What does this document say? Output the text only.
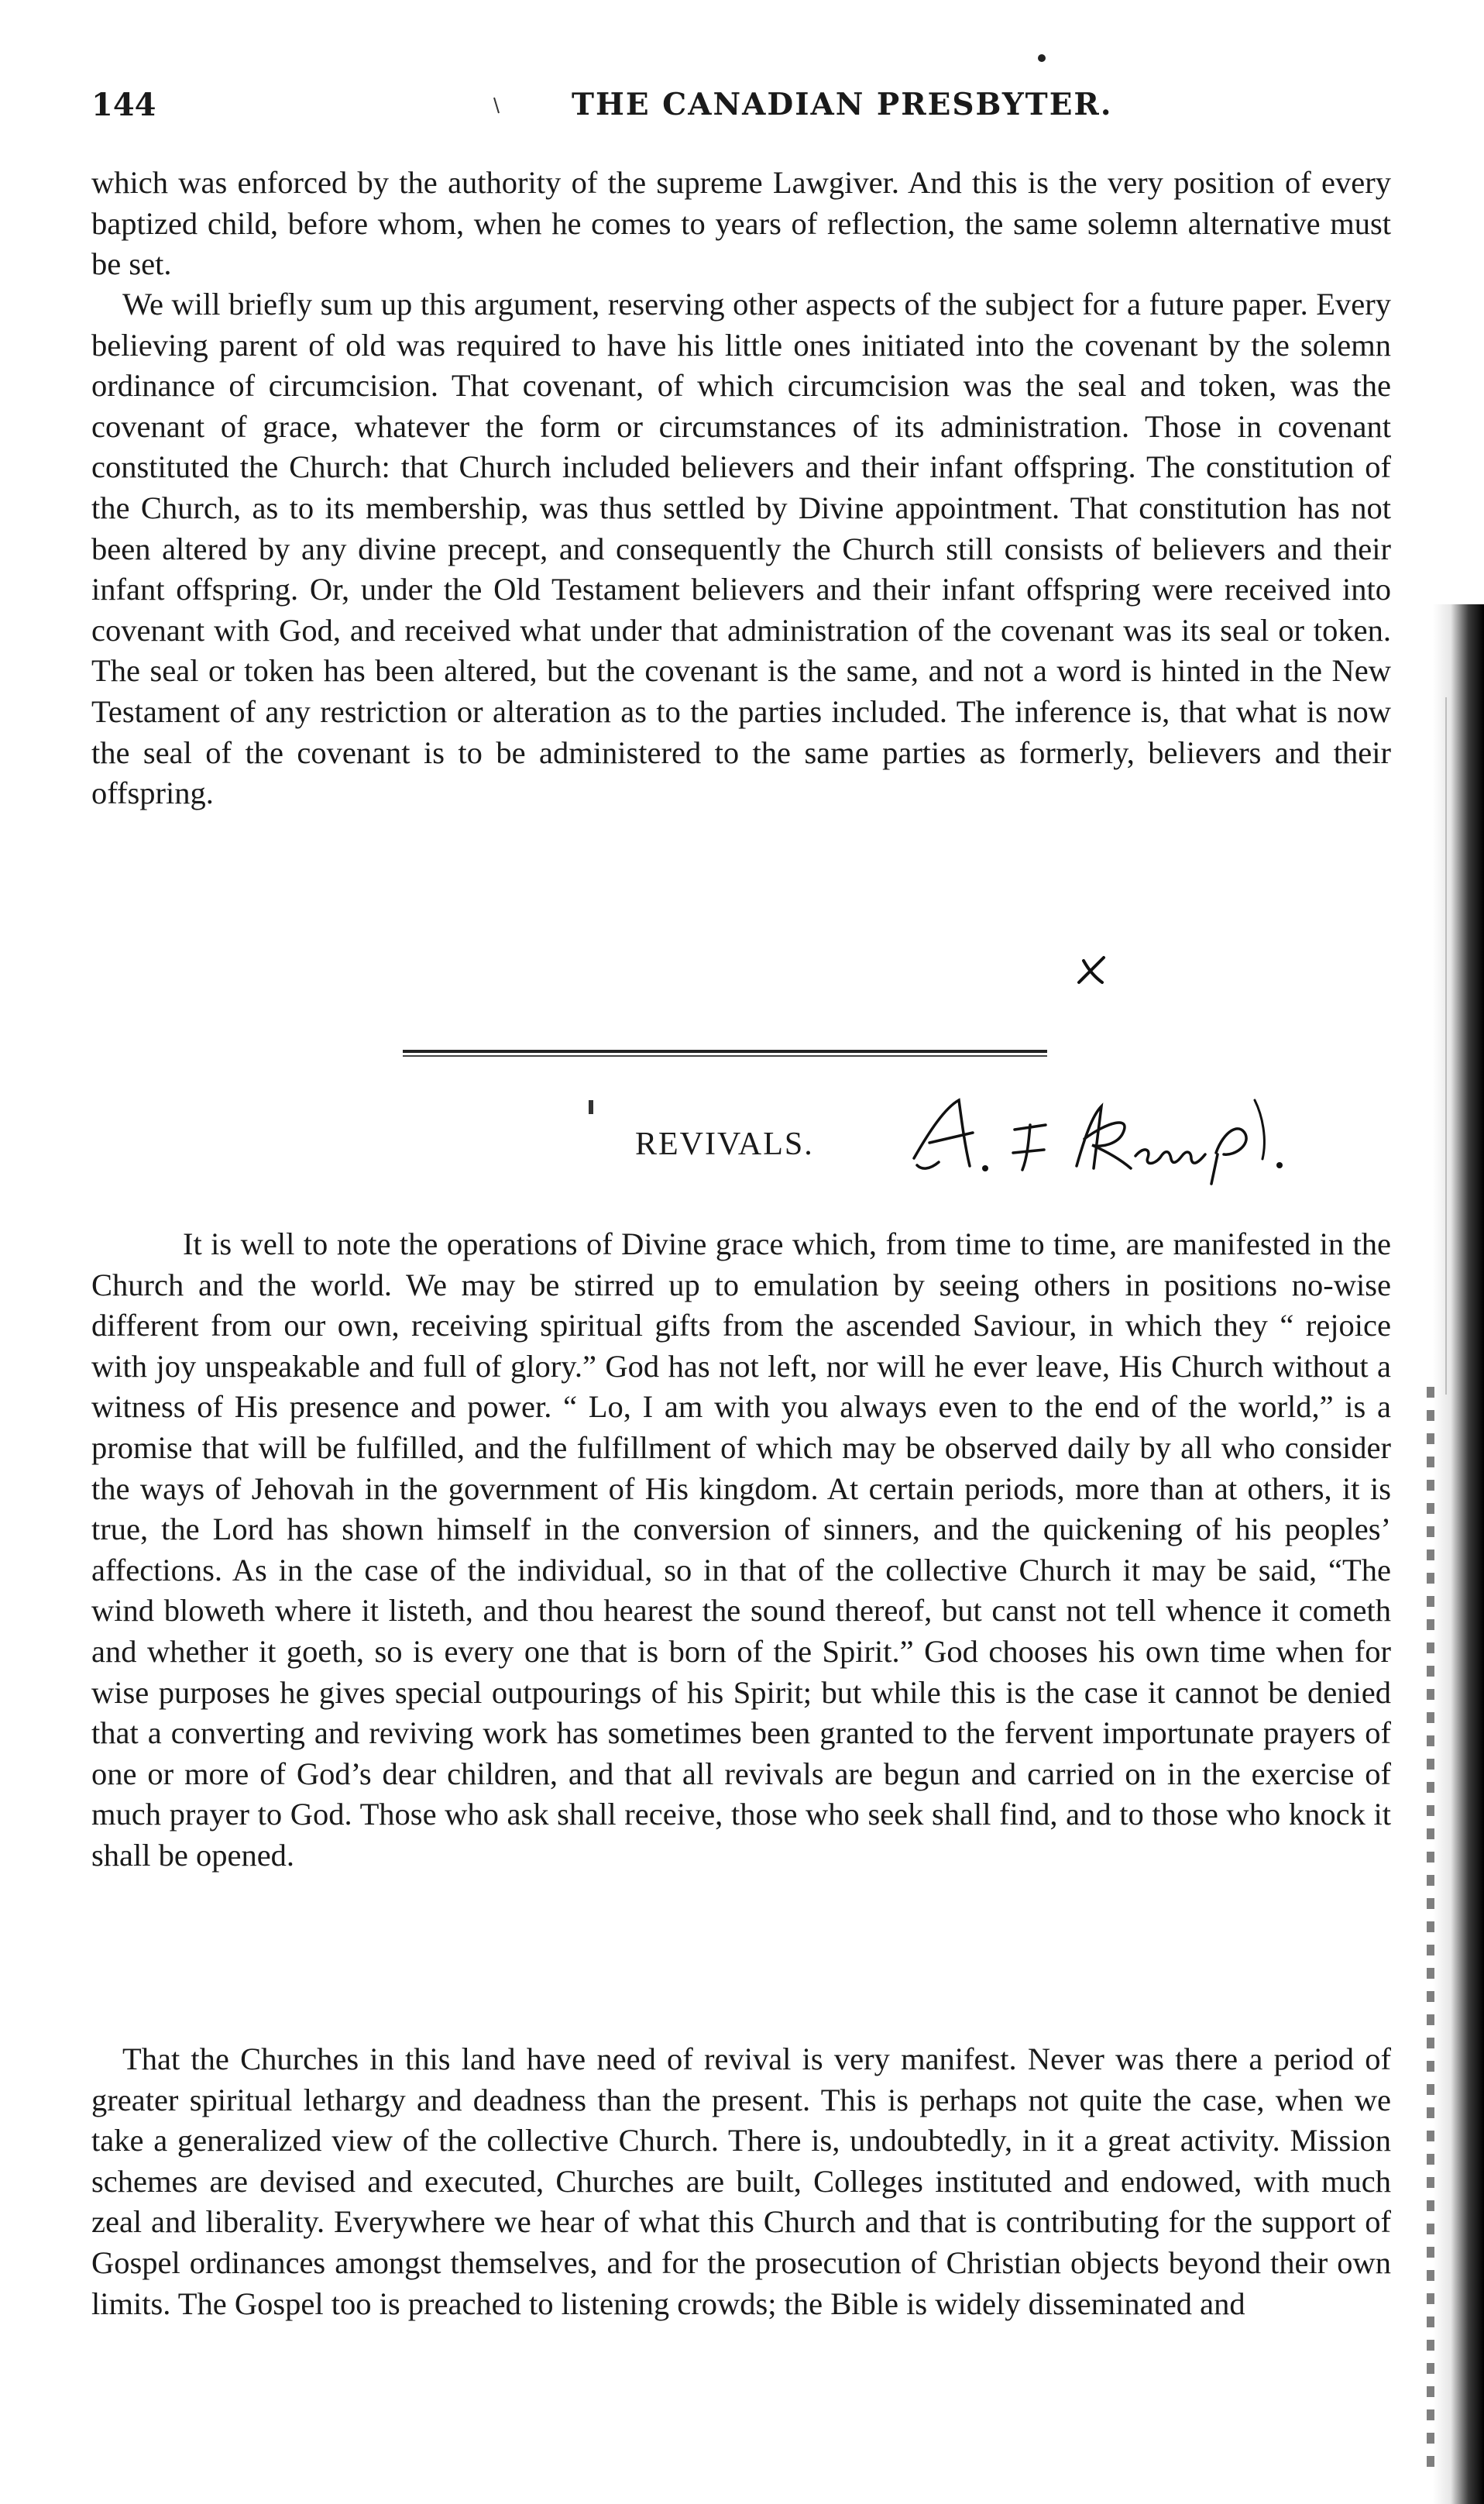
144	THE CANADIAN PRESBYTER.

which was enforced by the authority of the supreme Lawgiver. And this is the very position of every baptized child, before whom, when he comes to years of reflection, the same solemn alternative must be set.

We will briefly sum up this argument, reserving other aspects of the subject for a future paper. Every believing parent of old was required to have his little ones initiated into the covenant by the solemn ordinance of circumcision. That covenant, of which circumcision was the seal and token, was the covenant of grace, whatever the form or circumstances of its administration. Those in covenant constituted the Church: that Church included believers and their infant offspring. The constitution of the Church, as to its membership, was thus settled by Divine appointment. That constitution has not been altered by any divine precept, and consequently the Church still consists of believers and their infant offspring. Or, under the Old Testament believers and their infant offspring were received into covenant with God, and received what under that administration of the covenant was its seal or token. The seal or token has been altered, but the covenant is the same, and not a word is hinted in the New Testament of any restriction or alteration as to the parties included. The inference is, that what is now the seal of the covenant is to be administered to the same parties as formerly, believers and their offspring.

REVIVALS.

It is well to note the operations of Divine grace which, from time to time, are manifested in the Church and the world. We may be stirred up to emulation by seeing others in positions no-wise different from our own, receiving spiritual gifts from the ascended Saviour, in which they “ rejoice with joy unspeakable and full of glory.” God has not left, nor will he ever leave, His Church without a witness of His presence and power. “ Lo, I am with you always even to the end of the world,” is a promise that will be fulfilled, and the fulfillment of which may be observed daily by all who consider the ways of Jehovah in the government of His kingdom. At certain periods, more than at others, it is true, the Lord has shown himself in the conversion of sinners, and the quickening of his peoples’ affections. As in the case of the individual, so in that of the collective Church it may be said, “The wind bloweth where it listeth, and thou hearest the sound thereof, but canst not tell whence it cometh and whether it goeth, so is every one that is born of the Spirit.” God chooses his own time when for wise purposes he gives special outpourings of his Spirit; but while this is the case it cannot be denied that a converting and reviving work has sometimes been granted to the fervent importunate prayers of one or more of God’s dear children, and that all revivals are begun and carried on in the exercise of much prayer to God. Those who ask shall receive, those who seek shall find, and to those who knock it shall be opened.

That the Churches in this land have need of revival is very manifest. Never was there a period of greater spiritual lethargy and deadness than the present. This is perhaps not quite the case, when we take a generalized view of the collective Church. There is, undoubtedly, in it a great activity. Mission schemes are devised and executed, Churches are built, Colleges instituted and endowed, with much zeal and liberality. Everywhere we hear of what this Church and that is contributing for the support of Gospel ordinances amongst themselves, and for the prosecution of Christian objects beyond their own limits. The Gospel too is preached to listening crowds; the Bible is widely disseminated and
